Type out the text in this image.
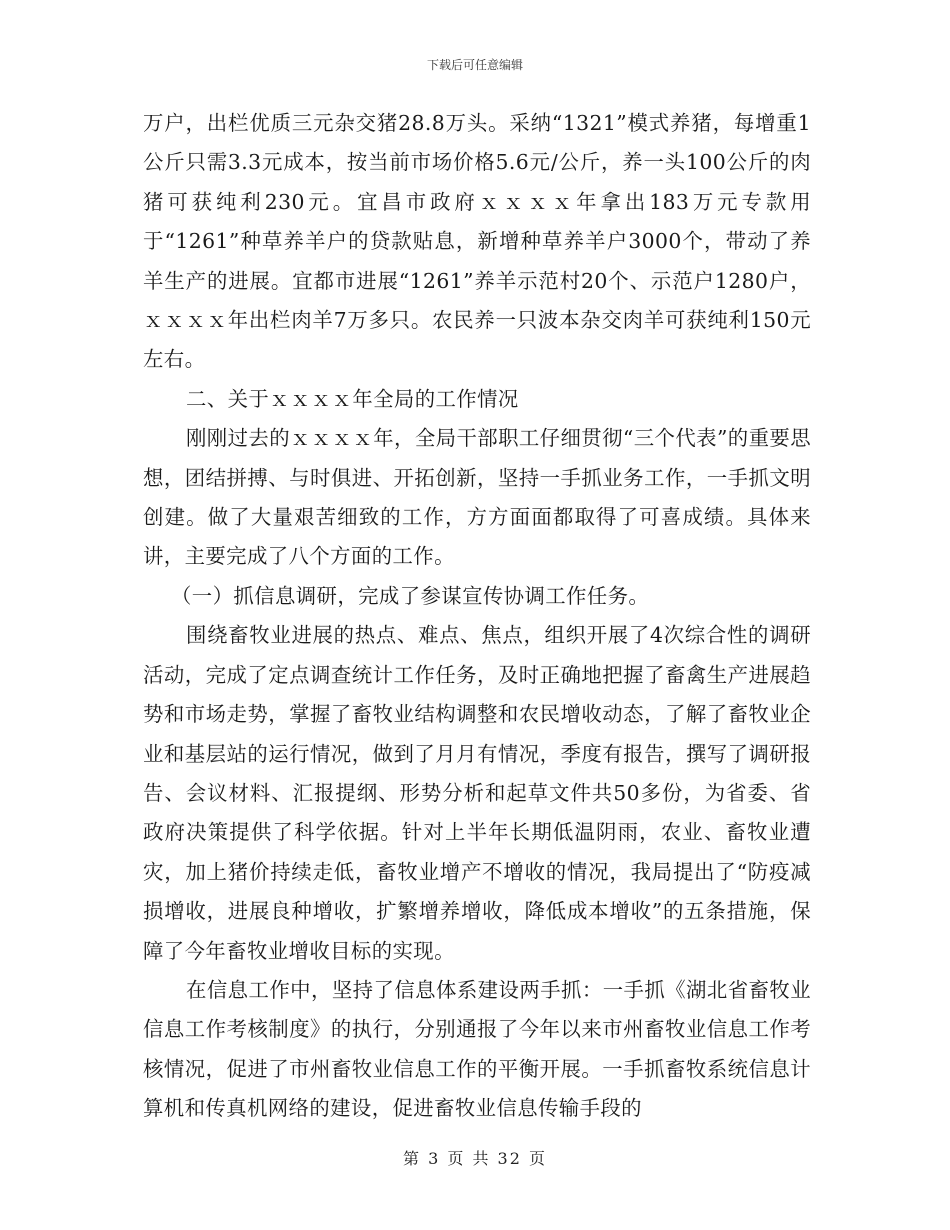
下载后可任意编辑

万户，出栏优质三元杂交猪28.8万头。采纳“1321”模式养猪，每增重1公斤只需3.3元成本，按当前市场价格5.6元/公斤，养一头100公斤的肉猪可获纯利230元。宜昌市政府ｘｘｘｘ年拿出183万元专款用于“1261”种草养羊户的贷款贴息，新增种草养羊户3000个，带动了养羊生产的进展。宜都市进展“1261”养羊示范村20个、示范户1280户，ｘｘｘｘ年出栏肉羊7万多只。农民养一只波本杂交肉羊可获纯利150元左右。

二、关于ｘｘｘｘ年全局的工作情况

刚刚过去的ｘｘｘｘ年，全局干部职工仔细贯彻“三个代表”的重要思想，团结拼搏、与时俱进、开拓创新，坚持一手抓业务工作，一手抓文明创建。做了大量艰苦细致的工作，方方面面都取得了可喜成绩。具体来讲，主要完成了八个方面的工作。

（一）抓信息调研，完成了参谋宣传协调工作任务。

围绕畜牧业进展的热点、难点、焦点，组织开展了4次综合性的调研活动，完成了定点调查统计工作任务，及时正确地把握了畜禽生产进展趋势和市场走势，掌握了畜牧业结构调整和农民增收动态，了解了畜牧业企业和基层站的运行情况，做到了月月有情况，季度有报告，撰写了调研报告、会议材料、汇报提纲、形势分析和起草文件共50多份，为省委、省政府决策提供了科学依据。针对上半年长期低温阴雨，农业、畜牧业遭灾，加上猪价持续走低，畜牧业增产不增收的情况，我局提出了“防疫减损增收，进展良种增收，扩繁增养增收，降低成本增收”的五条措施，保障了今年畜牧业增收目标的实现。

在信息工作中，坚持了信息体系建设两手抓：一手抓《湖北省畜牧业信息工作考核制度》的执行，分别通报了今年以来市州畜牧业信息工作考核情况，促进了市州畜牧业信息工作的平衡开展。一手抓畜牧系统信息计算机和传真机网络的建设，促进畜牧业信息传输手段的

第 3 页 共 32 页
